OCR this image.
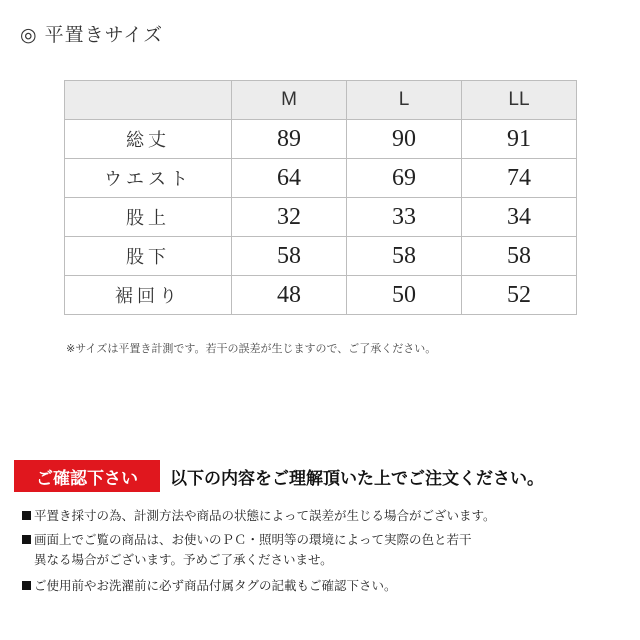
◎ 平置きサイズ
	M	L	LL
総丈	89	90	91
ウエスト	64	69	74
股上	32	33	34
股下	58	58	58
裾回り	48	50	52
※サイズは平置き計測です。若干の誤差が生じますので、ご了承ください。
ご確認下さい	以下の内容をご理解頂いた上でご注文ください。
平置き採寸の為、計測方法や商品の状態によって誤差が生じる場合がございます。
画面上でご覧の商品は、お使いのＰＣ・照明等の環境によって実際の色と若干
異なる場合がございます。予めご了承くださいませ。
ご使用前やお洗濯前に必ず商品付属タグの記載もご確認下さい。
